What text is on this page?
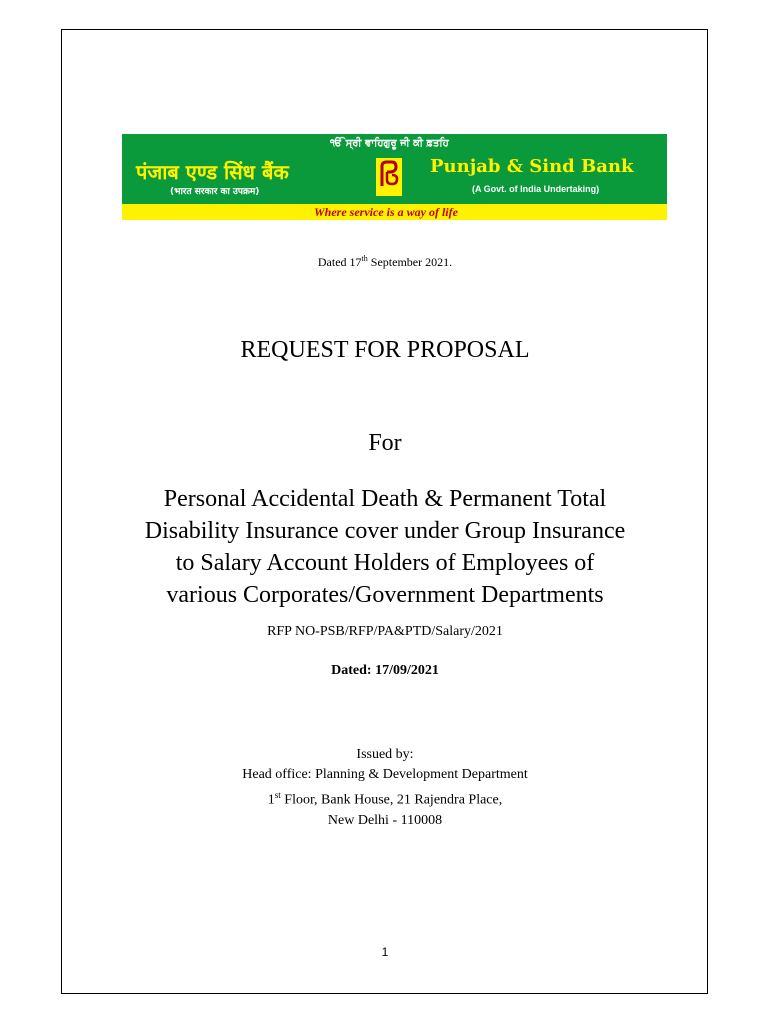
ੴ ਸ੍ਰੀ ਵਾਹਿਗੁਰੂ ਜੀ ਕੀ ਫ਼ਤਹਿ
पंजाब एण्ड सिंध बैंक
(भारत सरकार का उपक्रम)
Punjab & Sind Bank
(A Govt. of India Undertaking)
Where service is a way of life
Dated 17th September 2021.
REQUEST FOR PROPOSAL
For
Personal Accidental Death & Permanent Total
Disability Insurance cover under Group Insurance
to Salary Account Holders of Employees of
various Corporates/Government Departments
RFP NO-PSB/RFP/PA&PTD/Salary/2021
Dated: 17/09/2021
Issued by:
Head office: Planning & Development Department
1st Floor, Bank House, 21 Rajendra Place,
New Delhi - 110008
1
